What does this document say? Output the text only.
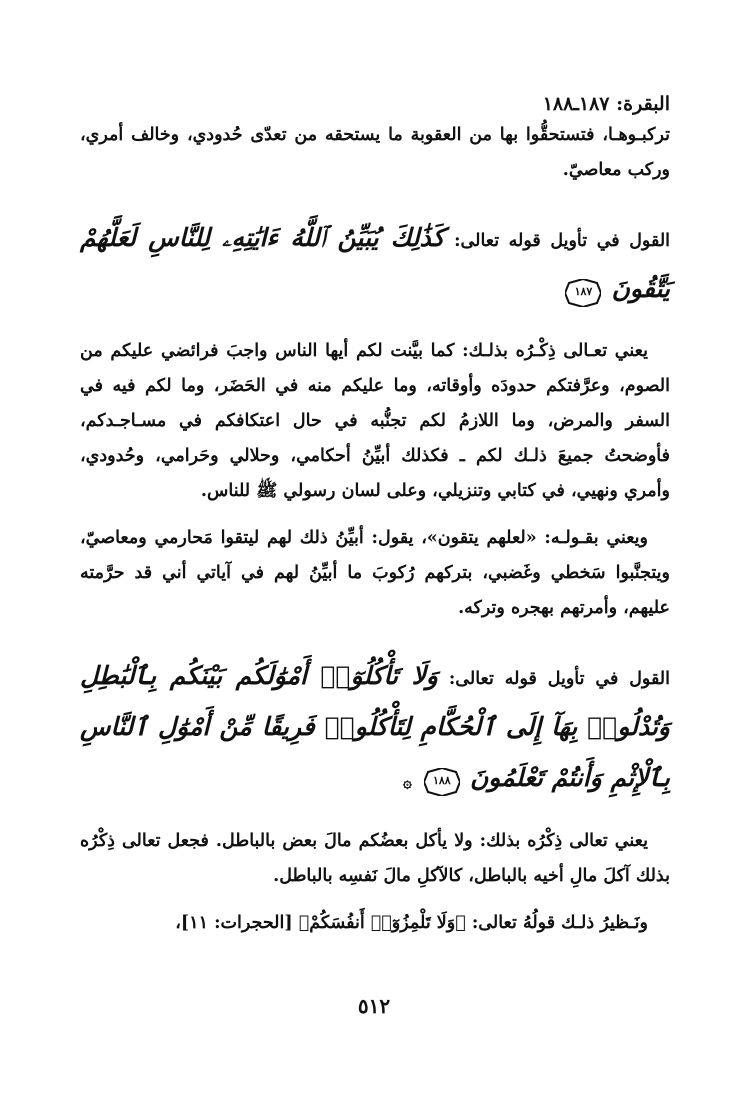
البقرة: ١٨٧ـ١٨٨

تركبـوهـا، فتستحقُّوا بها من العقوبة ما يستحقه من تعدّى حُدودي، وخالف أمري، وركب معاصيّ.

القول في تأويل قوله تعالى: كَذَٰلِكَ يُبَيِّنُ ٱللَّهُ ءَايَٰتِهِۦ لِلنَّاسِ لَعَلَّهُمْ يَتَّقُونَ
١٨٧

يعني تعـالى ذِكْـرُه بذلـك: كما بيَّنت لكم أيها الناس واجبَ فرائضي عليكم من الصوم، وعرَّفتكم حدودَه وأوقاته، وما عليكم منه في الحَضَر، وما لكم فيه في السفر والمرض، وما اللازمُ لكم تجنُّبه في حال اعتكافكم في مسـاجـدكم، فأوضحتُ جميعَ ذلـك لكم ـ فكذلك أبيِّنُ أحكامي، وحلالي وحَرامي، وحُدودي، وأمري ونهيي، في كتابي وتنزيلي، وعلى لسان رسولي ﷺ للناس.

ويعني بقـولـه: «لعلهم يتقون»، يقول: أبيِّنُ ذلك لهم ليتقوا مَحارمي ومعاصيّ، ويتجنَّبوا سَخطي وغَضبي، بتركهم رُكوبَ ما أبيِّنُ لهم في آياتي أني قد حرَّمته عليهم، وأمرتهم بهجره وتركه.

القول في تأويل قوله تعالى: وَلَا تَأْكُلُوٓا۟ أَمْوَٰلَكُم بَيْنَكُم بِٱلْبَٰطِلِ وَتُدْلُوا۟ بِهَآ إِلَى ٱلْحُكَّامِ لِتَأْكُلُوا۟ فَرِيقًا مِّنْ أَمْوَٰلِ ٱلنَّاسِ بِٱلْإِثْمِ وَأَنتُمْ تَعْلَمُونَ
١٨٨
۞

يعني تعالى ذِكْرُه بذلك: ولا يأكل بعضُكم مالَ بعض بالباطل. فجعل تعالى ذِكْرُه بذلك آكلَ مالِ أخيه بالباطل، كالآكلِ مالَ نَفسِه بالباطل.

ونَـظيرُ ذلـك قولُهُ تعالى: ﴿وَلَا تَلْمِزُوٓا۟ أَنفُسَكُمْ﴾ [الحجرات: ١١]،

٥١٢
